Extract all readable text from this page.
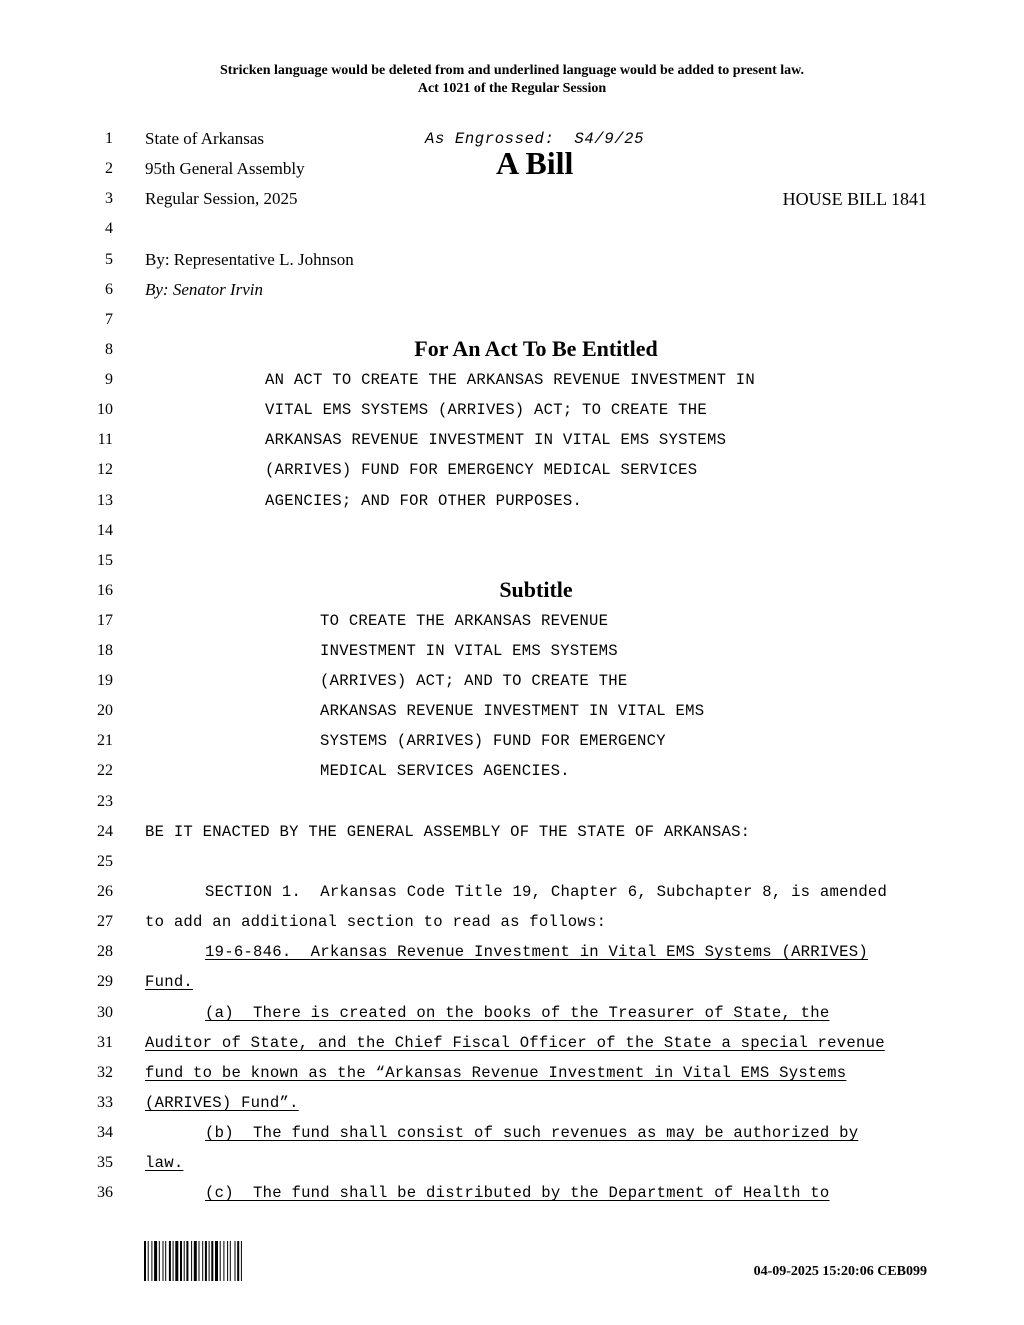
Stricken language would be deleted from and underlined language would be added to present law.
Act 1021 of the Regular Session
1
2
3
4
5
6
7
8
9
10
11
12
13
14
15
16
17
18
19
20
21
22
23
24
25
26
27
28
29
30
31
32
33
34
35
36
State of Arkansas	As Engrossed:  S4/9/25
95th General Assembly	A Bill
Regular Session, 2025	HOUSE BILL 1841
By: Representative L. Johnson
By: Senator Irvin
For An Act To Be Entitled
AN ACT TO CREATE THE ARKANSAS REVENUE INVESTMENT IN
VITAL EMS SYSTEMS (ARRIVES) ACT; TO CREATE THE
ARKANSAS REVENUE INVESTMENT IN VITAL EMS SYSTEMS
(ARRIVES) FUND FOR EMERGENCY MEDICAL SERVICES
AGENCIES; AND FOR OTHER PURPOSES.
Subtitle
TO CREATE THE ARKANSAS REVENUE
INVESTMENT IN VITAL EMS SYSTEMS
(ARRIVES) ACT; AND TO CREATE THE
ARKANSAS REVENUE INVESTMENT IN VITAL EMS
SYSTEMS (ARRIVES) FUND FOR EMERGENCY
MEDICAL SERVICES AGENCIES.
BE IT ENACTED BY THE GENERAL ASSEMBLY OF THE STATE OF ARKANSAS:
SECTION 1.  Arkansas Code Title 19, Chapter 6, Subchapter 8, is amended
to add an additional section to read as follows:
19-6-846.  Arkansas Revenue Investment in Vital EMS Systems (ARRIVES)
Fund.
(a)  There is created on the books of the Treasurer of State, the
Auditor of State, and the Chief Fiscal Officer of the State a special revenue
fund to be known as the “Arkansas Revenue Investment in Vital EMS Systems
(ARRIVES) Fund”.
(b)  The fund shall consist of such revenues as may be authorized by
law.
(c)  The fund shall be distributed by the Department of Health to
04-09-2025 15:20:06 CEB099
